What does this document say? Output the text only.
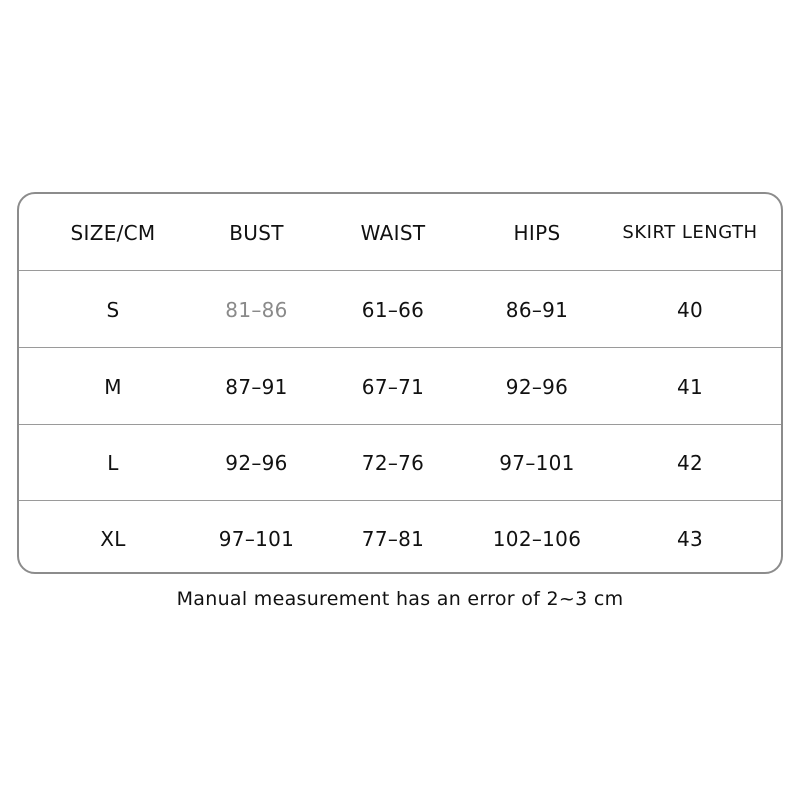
SIZE/CM	BUST	WAIST	HIPS	SKIRT LENGTH
S	81–86	61–66	86–91	40
M	87–91	67–71	92–96	41
L	92–96	72–76	97–101	42
XL	97–101	77–81	102–106	43
Manual measurement has an error of 2~3 cm
